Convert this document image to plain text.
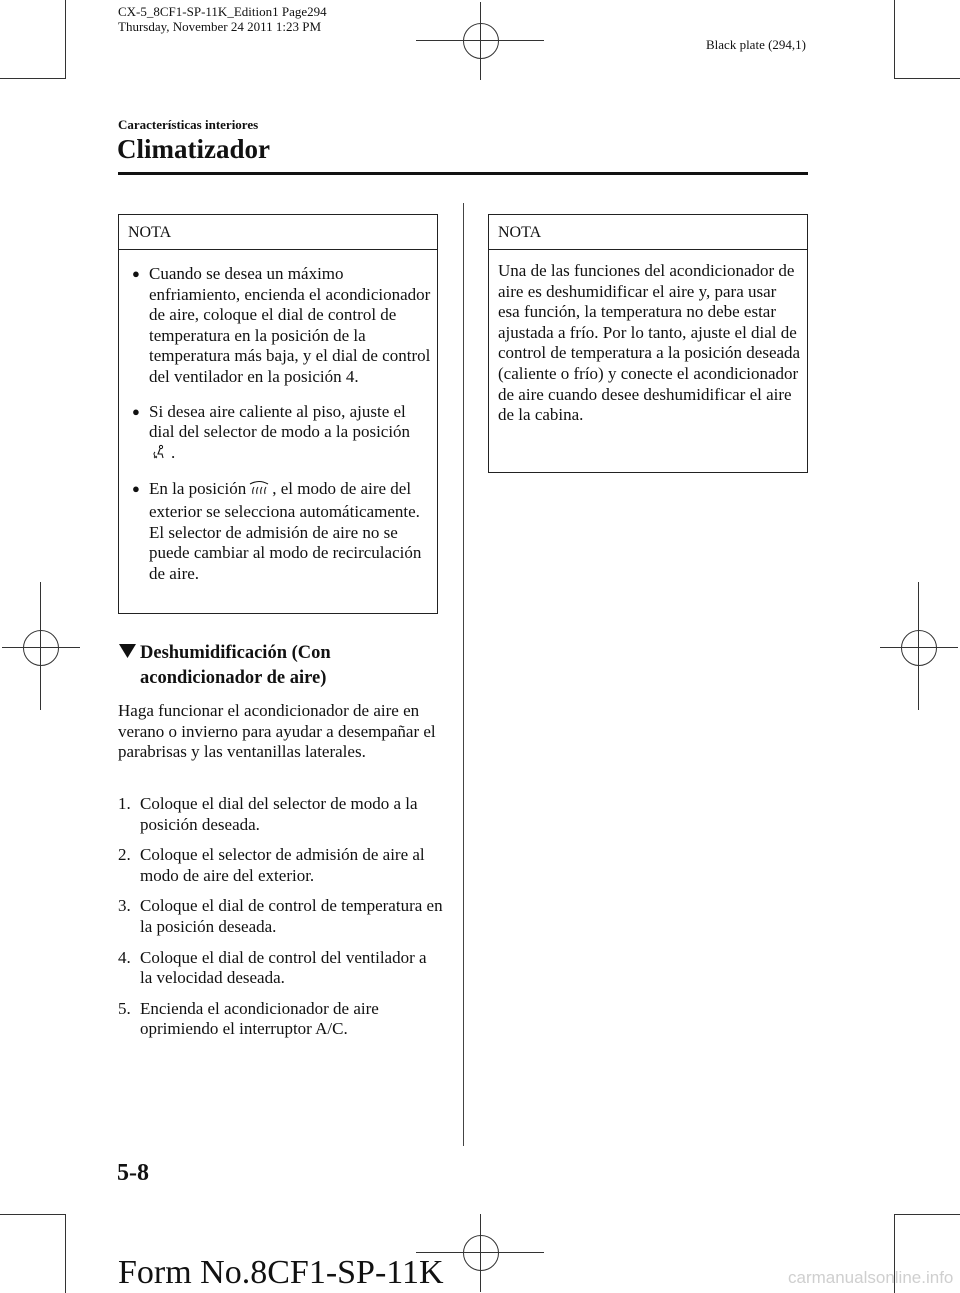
CX-5_8CF1-SP-11K_Edition1 Page294
Thursday, November 24 2011 1:23 PM
Black plate (294,1)
Características interiores
Climatizador
NOTA
● Cuando se desea un máximo enfriamiento, encienda el acondicionador de aire, coloque el dial de control de temperatura en la posición de la temperatura más baja, y el dial de control del ventilador en la posición 4.
● Si desea aire caliente al piso, ajuste el dial del selector de modo a la posición.
● En la posición , el modo de aire del exterior se selecciona automáticamente. El selector de admisión de aire no se puede cambiar al modo de recirculación de aire.
Deshumidificación (Con acondicionador de aire)
Haga funcionar el acondicionador de aire en verano o invierno para ayudar a desempañar el parabrisas y las ventanillas laterales.
1. Coloque el dial del selector de modo a la posición deseada.
2. Coloque el selector de admisión de aire al modo de aire del exterior.
3. Coloque el dial de control de temperatura en la posición deseada.
4. Coloque el dial de control del ventilador a la velocidad deseada.
5. Encienda el acondicionador de aire oprimiendo el interruptor A/C.
NOTA
Una de las funciones del acondicionador de aire es deshumidificar el aire y, para usar esa función, la temperatura no debe estar ajustada a frío. Por lo tanto, ajuste el dial de control de temperatura a la posición deseada (caliente o frío) y conecte el acondicionador de aire cuando desee deshumidificar el aire de la cabina.
5-8
Form No.8CF1-SP-11K	carmanualsonline.info
